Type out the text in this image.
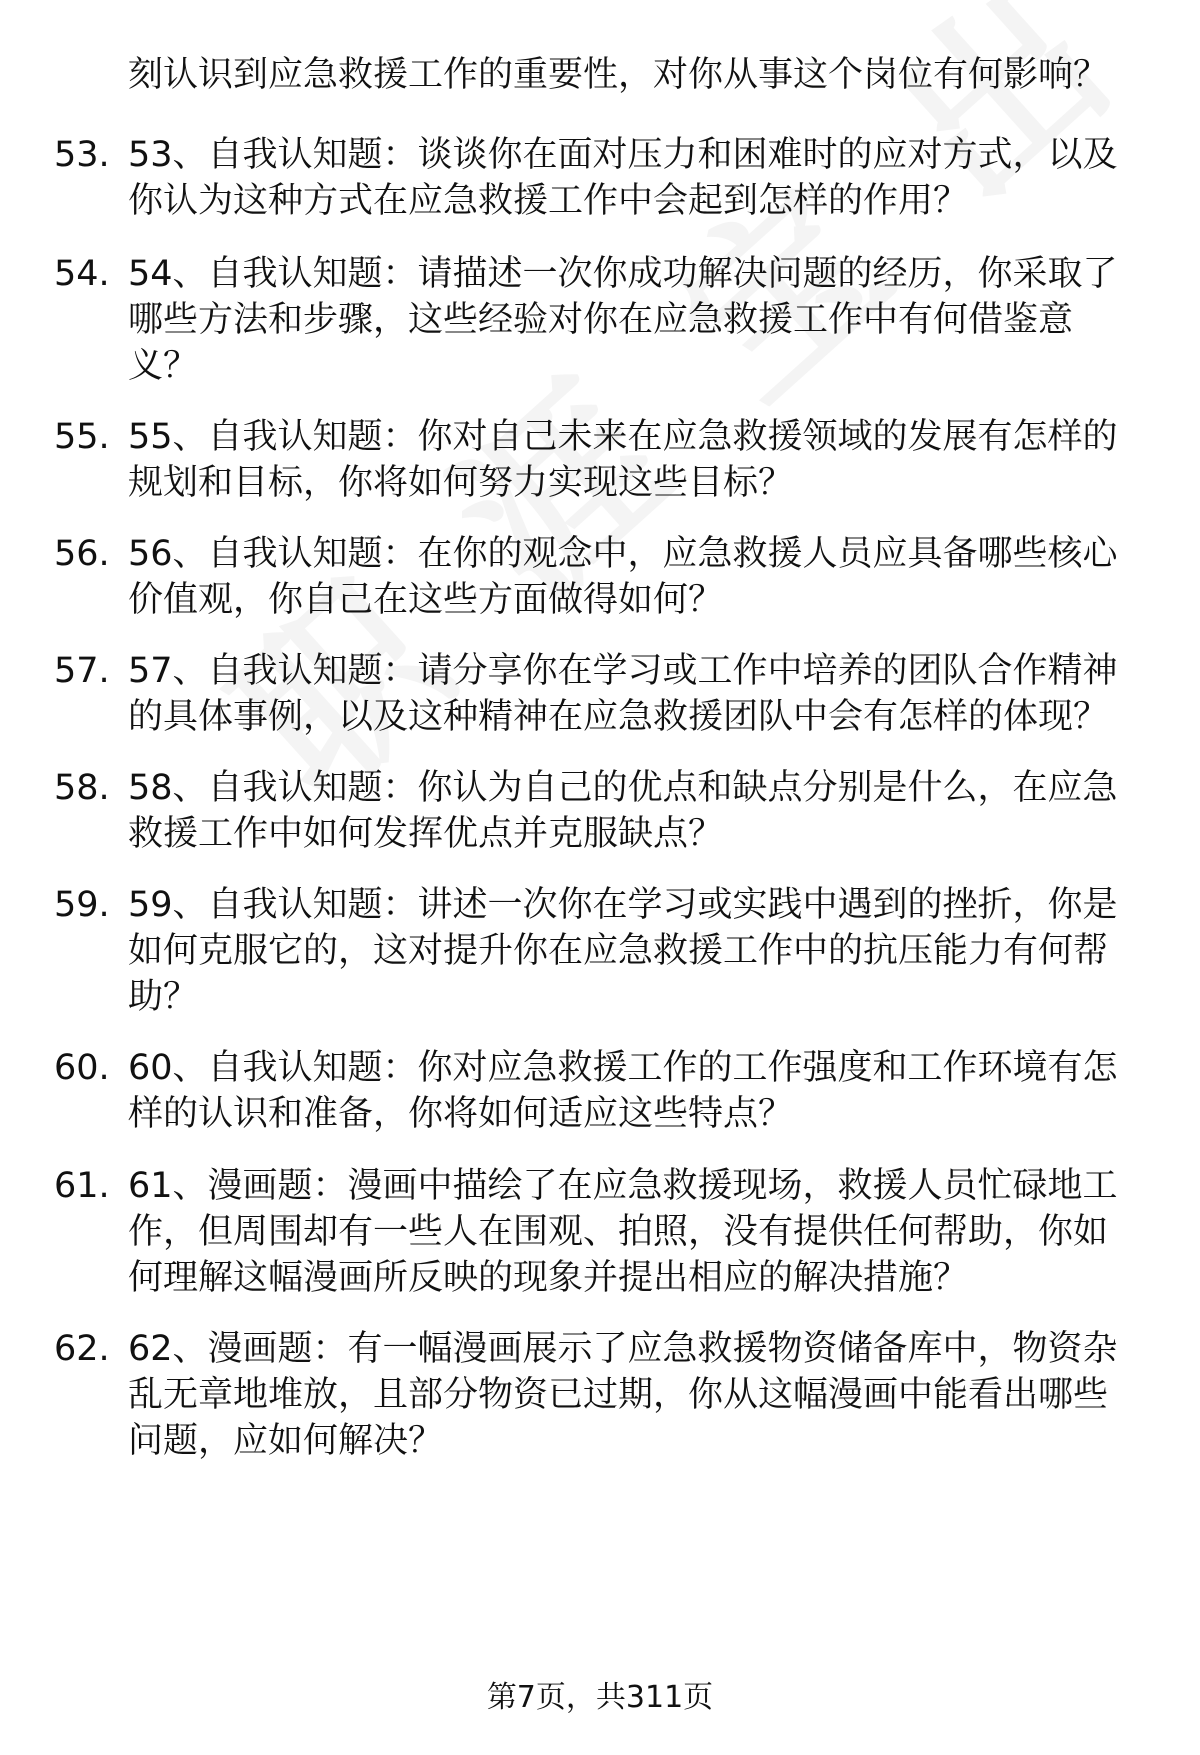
刻认识到应急救援工作的重要性，对你从事这个岗位有何影响？
53. 53、自我认知题：谈谈你在面对压力和困难时的应对方式，以及
你认为这种方式在应急救援工作中会起到怎样的作用？
54. 54、自我认知题：请描述一次你成功解决问题的经历，你采取了
哪些方法和步骤，这些经验对你在应急救援工作中有何借鉴意
义？
55. 55、自我认知题：你对自己未来在应急救援领域的发展有怎样的
规划和目标，你将如何努力实现这些目标？
56. 56、自我认知题：在你的观念中，应急救援人员应具备哪些核心
价值观，你自己在这些方面做得如何？
57. 57、自我认知题：请分享你在学习或工作中培养的团队合作精神
的具体事例，以及这种精神在应急救援团队中会有怎样的体现？
58. 58、自我认知题：你认为自己的优点和缺点分别是什么，在应急
救援工作中如何发挥优点并克服缺点？
59. 59、自我认知题：讲述一次你在学习或实践中遇到的挫折，你是
如何克服它的，这对提升你在应急救援工作中的抗压能力有何帮
助？
60. 60、自我认知题：你对应急救援工作的工作强度和工作环境有怎
样的认识和准备，你将如何适应这些特点？
61. 61、漫画题：漫画中描绘了在应急救援现场，救援人员忙碌地工
作，但周围却有一些人在围观、拍照，没有提供任何帮助，你如
何理解这幅漫画所反映的现象并提出相应的解决措施？
62. 62、漫画题：有一幅漫画展示了应急救援物资储备库中，物资杂
乱无章地堆放，且部分物资已过期，你从这幅漫画中能看出哪些
问题，应如何解决？
第7页，共311页
